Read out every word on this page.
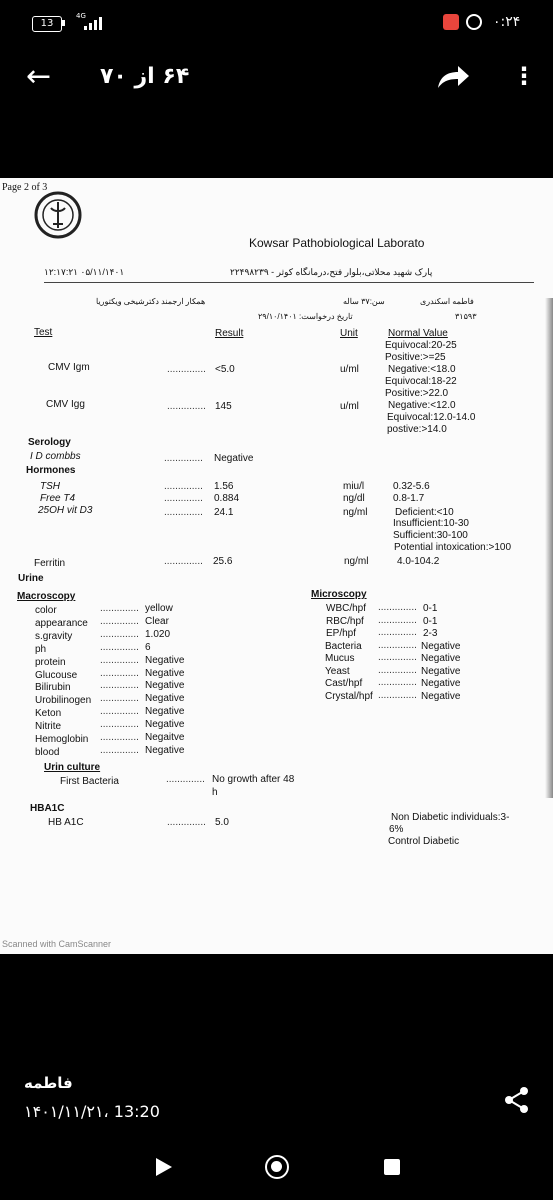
13
4G	۰:۲۴
← ۶۴ از ۷۰	⋮
Page 2 of 3
Kowsar Pathobiological Laborato
پارک شهید محلاتی،بلوار فتح،درمانگاه کوثر - ۲۲۴۹۸۲۳۹
۱۲:۱۷:۲۱ ۰۵/۱۱/۱۴۰۱
فاطمه اسکندری
سن:۳۷ ساله
همکار ارجمند دکترشیخی ویکتوریا
تاریخ درخواست: ۲۹/۱۰/۱۴۰۱	۳۱۵۹۳
Test	Result	Unit	Normal Value
Equivocal:20-25
Positive:>=25
CMV Igm	.............. <5.0	u/ml	Negative:<18.0
Equivocal:18-22
Positive:>22.0
CMV Igg	.............. 145	u/ml	Negative:<12.0
Equivocal:12.0-14.0
postive:>14.0
Serology
I D combbs	.............. Negative
Hormones
TSH	.............. 1.56	miu/l	0.32-5.6
Free T4	.............. 0.884	ng/dl	0.8-1.7
25OH vit D3	.............. 24.1	ng/ml	Deficient:<10
Insufficient:10-30
Sufficient:30-100
Potential intoxication:>100
Ferritin	.............. 25.6	ng/ml	4.0-104.2
Urine
Macroscopy	Microscopy
color	.............. yellow
appearance .............. Clear
s.gravity	.............. 1.020
ph	.............. 6
protein	.............. Negative
Glucouse .............. Negative
Bilirubin	.............. Negative
Urobilinogen .............. Negative
Keton	.............. Negative
Nitrite	.............. Negative
Hemoglobin .............. Negaitve
blood	.............. Negative
WBC/hpf .............. 0-1
RBC/hpf .............. 0-1
EP/hpf .............. 2-3
Bacteria .............. Negative
Mucus .............. Negative
Yeast	.............. Negative
Cast/hpf .............. Negative
Crystal/hpf .............. Negative
Urin culture
First Bacteria	.............. No growth after 48
h
HBA1C
HB A1C	.............. 5.0	Non Diabetic individuals:3-
6%
Control Diabetic
Scanned with CamScanner
فاطمه
۱۴۰۱/۱۱/۲۱، 13:20
